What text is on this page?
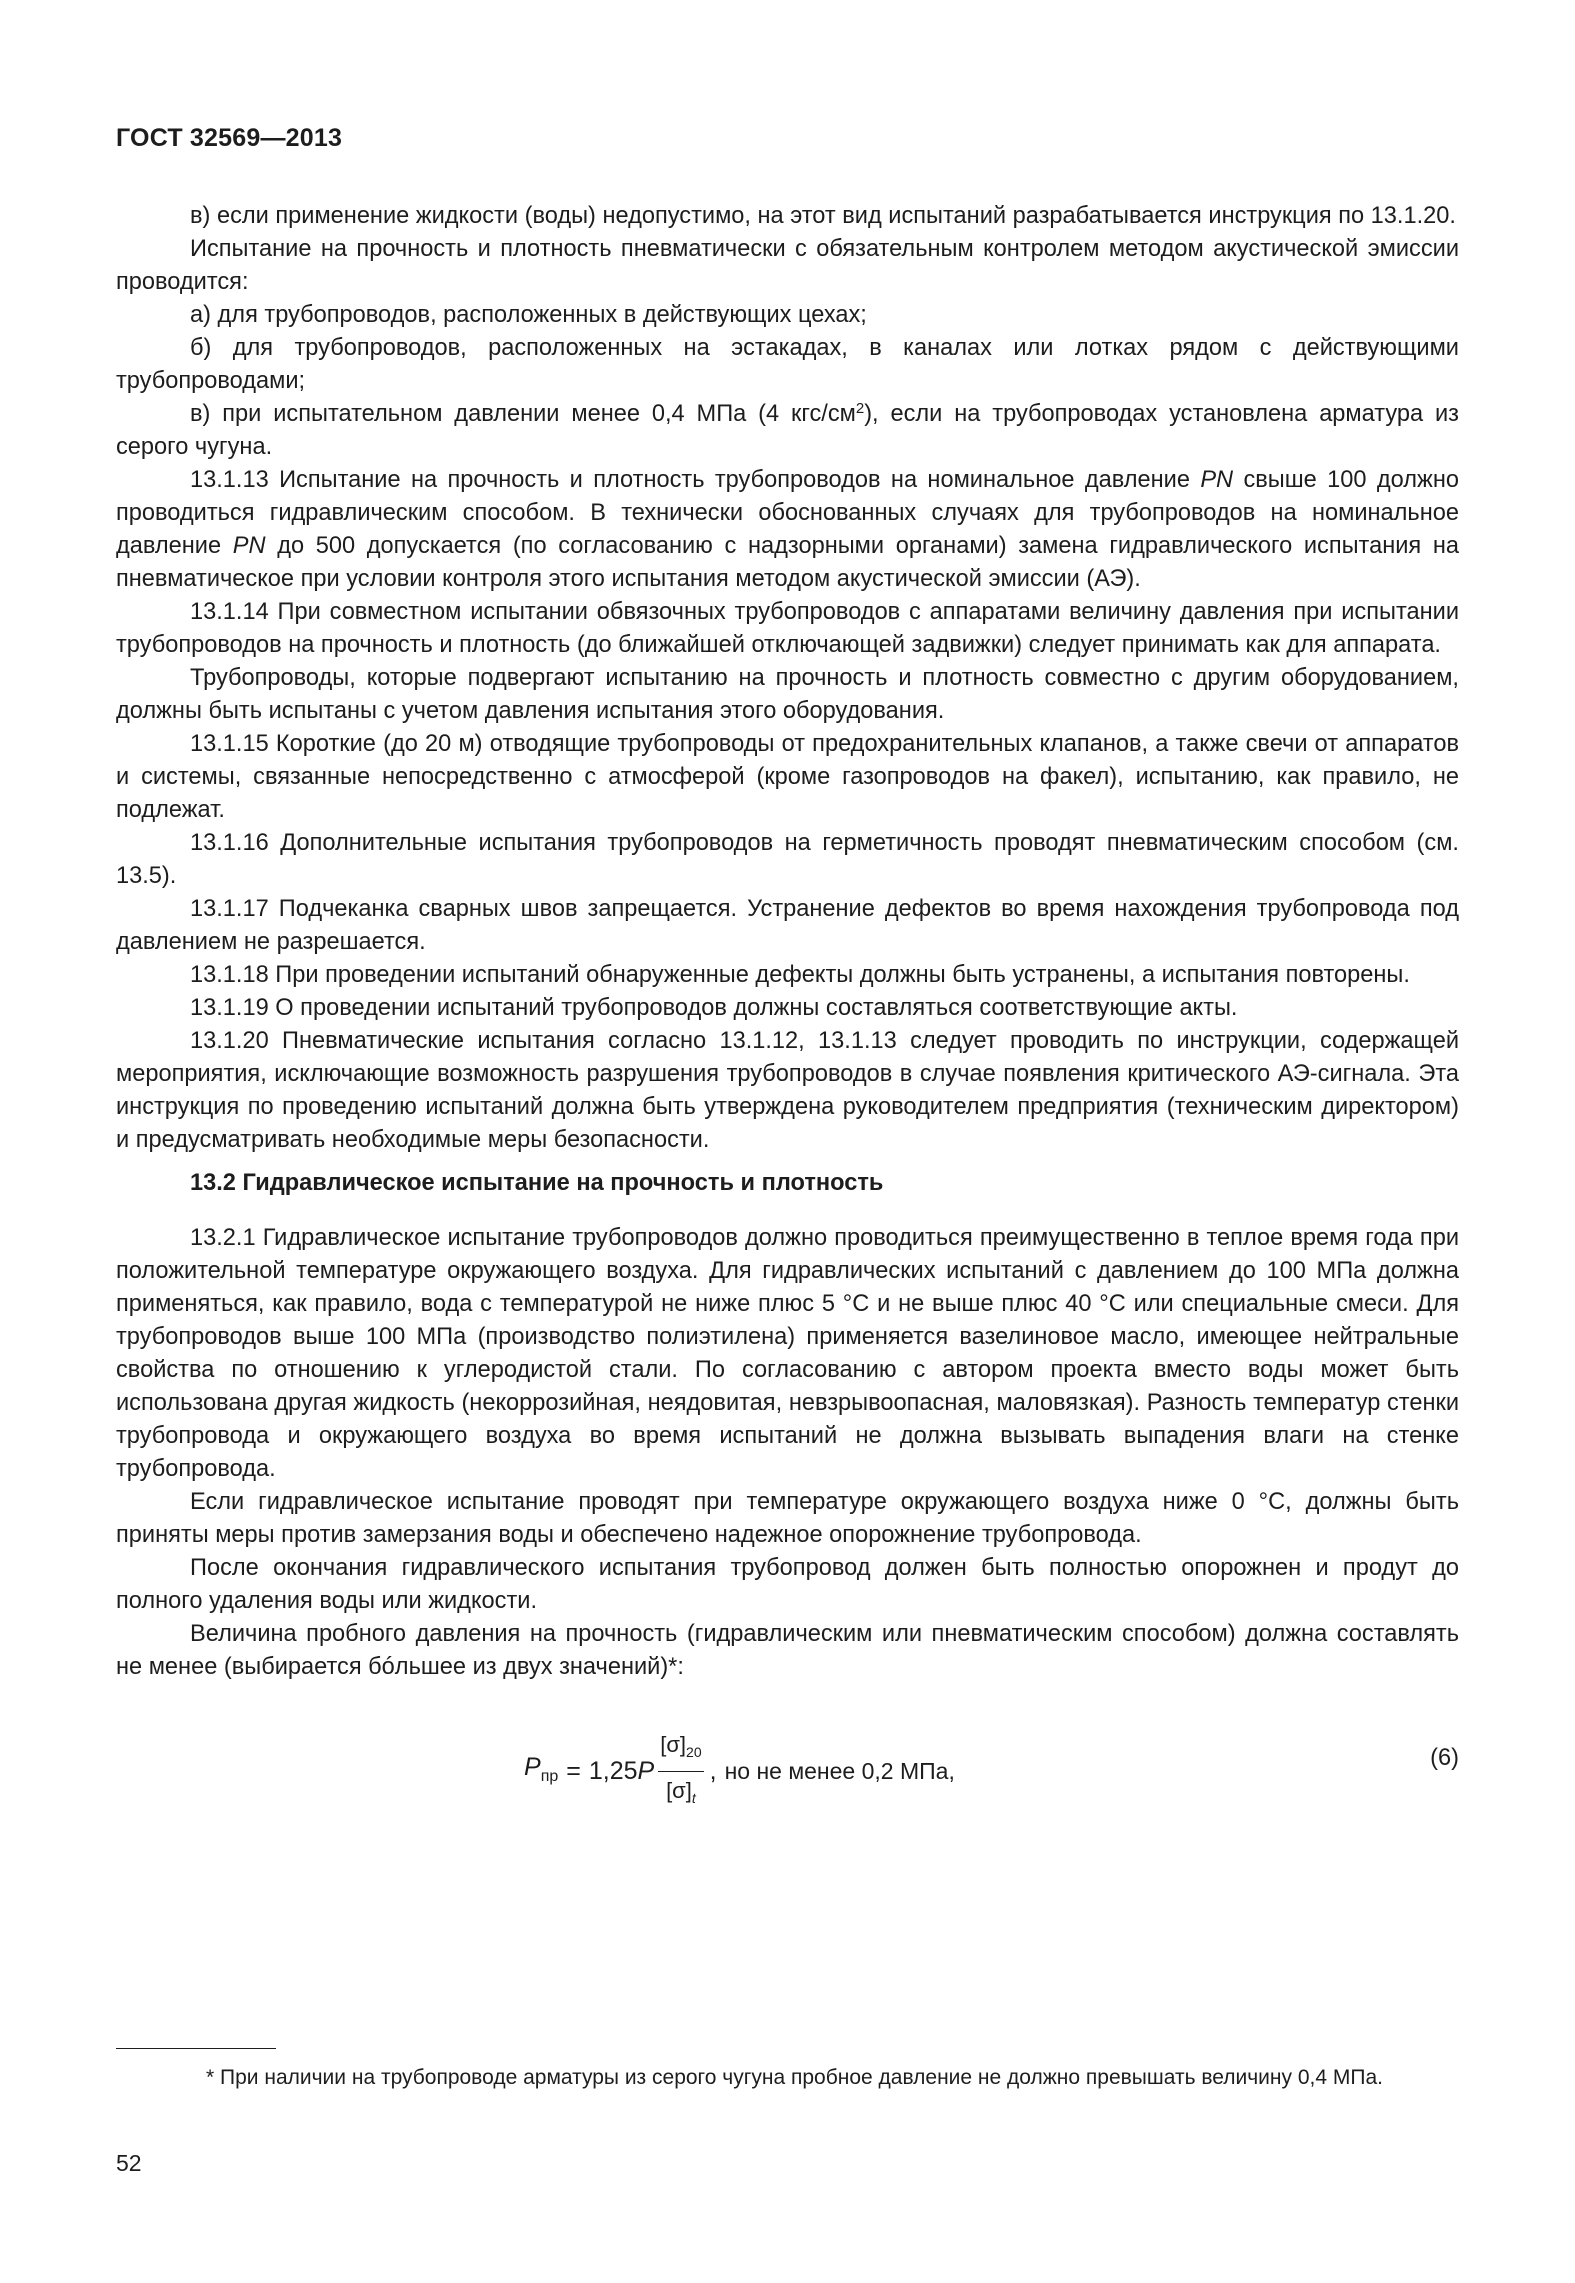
ГОСТ 32569—2013

в) если применение жидкости (воды) недопустимо, на этот вид испытаний разрабатывается инструкция по 13.1.20.

Испытание на прочность и плотность пневматически с обязательным контролем методом акустической эмиссии проводится:

а) для трубопроводов, расположенных в действующих цехах;

б) для трубопроводов, расположенных на эстакадах, в каналах или лотках рядом с действующими трубопроводами;

в) при испытательном давлении менее 0,4 МПа (4 кгс/$см^2$), если на трубопроводах установлена арматура из серого чугуна.

13.1.13 Испытание на прочность и плотность трубопроводов на номинальное давление PN свыше 100 должно проводиться гидравлическим способом. В технически обоснованных случаях для трубопроводов на номинальное давление PN до 500 допускается (по согласованию с надзорными органами) замена гидравлического испытания на пневматическое при условии контроля этого испытания методом акустической эмиссии (АЭ).

13.1.14 При совместном испытании обвязочных трубопроводов с аппаратами величину давления при испытании трубопроводов на прочность и плотность (до ближайшей отключающей задвижки) следует принимать как для аппарата.

Трубопроводы, которые подвергают испытанию на прочность и плотность совместно с другим оборудованием, должны быть испытаны с учетом давления испытания этого оборудования.

13.1.15 Короткие (до 20 м) отводящие трубопроводы от предохранительных клапанов, а также свечи от аппаратов и системы, связанные непосредственно с атмосферой (кроме газопроводов на факел), испытанию, как правило, не подлежат.

13.1.16 Дополнительные испытания трубопроводов на герметичность проводят пневматическим способом (см. 13.5).

13.1.17 Подчеканка сварных швов запрещается. Устранение дефектов во время нахождения трубопровода под давлением не разрешается.

13.1.18 При проведении испытаний обнаруженные дефекты должны быть устранены, а испытания повторены.

13.1.19 О проведении испытаний трубопроводов должны составляться соответствующие акты.

13.1.20 Пневматические испытания согласно 13.1.12, 13.1.13 следует проводить по инструкции, содержащей мероприятия, исключающие возможность разрушения трубопроводов в случае появления критического АЭ-сигнала. Эта инструкция по проведению испытаний должна быть утверждена руководителем предприятия (техническим директором) и предусматривать необходимые меры безопасности.

13.2 Гидравлическое испытание на прочность и плотность

13.2.1 Гидравлическое испытание трубопроводов должно проводиться преимущественно в теплое время года при положительной температуре окружающего воздуха. Для гидравлических испытаний с давлением до 100 МПа должна применяться, как правило, вода с температурой не ниже плюс 5 °С и не выше плюс 40 °С или специальные смеси. Для трубопроводов выше 100 МПа (производство полиэтилена) применяется вазелиновое масло, имеющее нейтральные свойства по отношению к углеродистой стали. По согласованию с автором проекта вместо воды может быть использована другая жидкость (некоррозийная, неядовитая, невзрывоопасная, маловязкая). Разность температур стенки трубопровода и окружающего воздуха во время испытаний не должна вызывать выпадения влаги на стенке трубопровода.

Если гидравлическое испытание проводят при температуре окружающего воздуха ниже 0 °С, должны быть приняты меры против замерзания воды и обеспечено надежное опорожнение трубопровода.

После окончания гидравлического испытания трубопровод должен быть полностью опорожнен и продут до полного удаления воды или жидкости.

Величина пробного давления на прочность (гидравлическим или пневматическим способом) должна составлять не менее (выбирается бóльшее из двух значений)*:

$P_{пр} = 1,25$ P $\frac{[\sigma]_{20}}{[\sigma]_t}$ , но не менее 0,2 МПа,	(6)
* При наличии на трубопроводе арматуры из серого чугуна пробное давление не должно превышать величину 0,4 МПа.
52
